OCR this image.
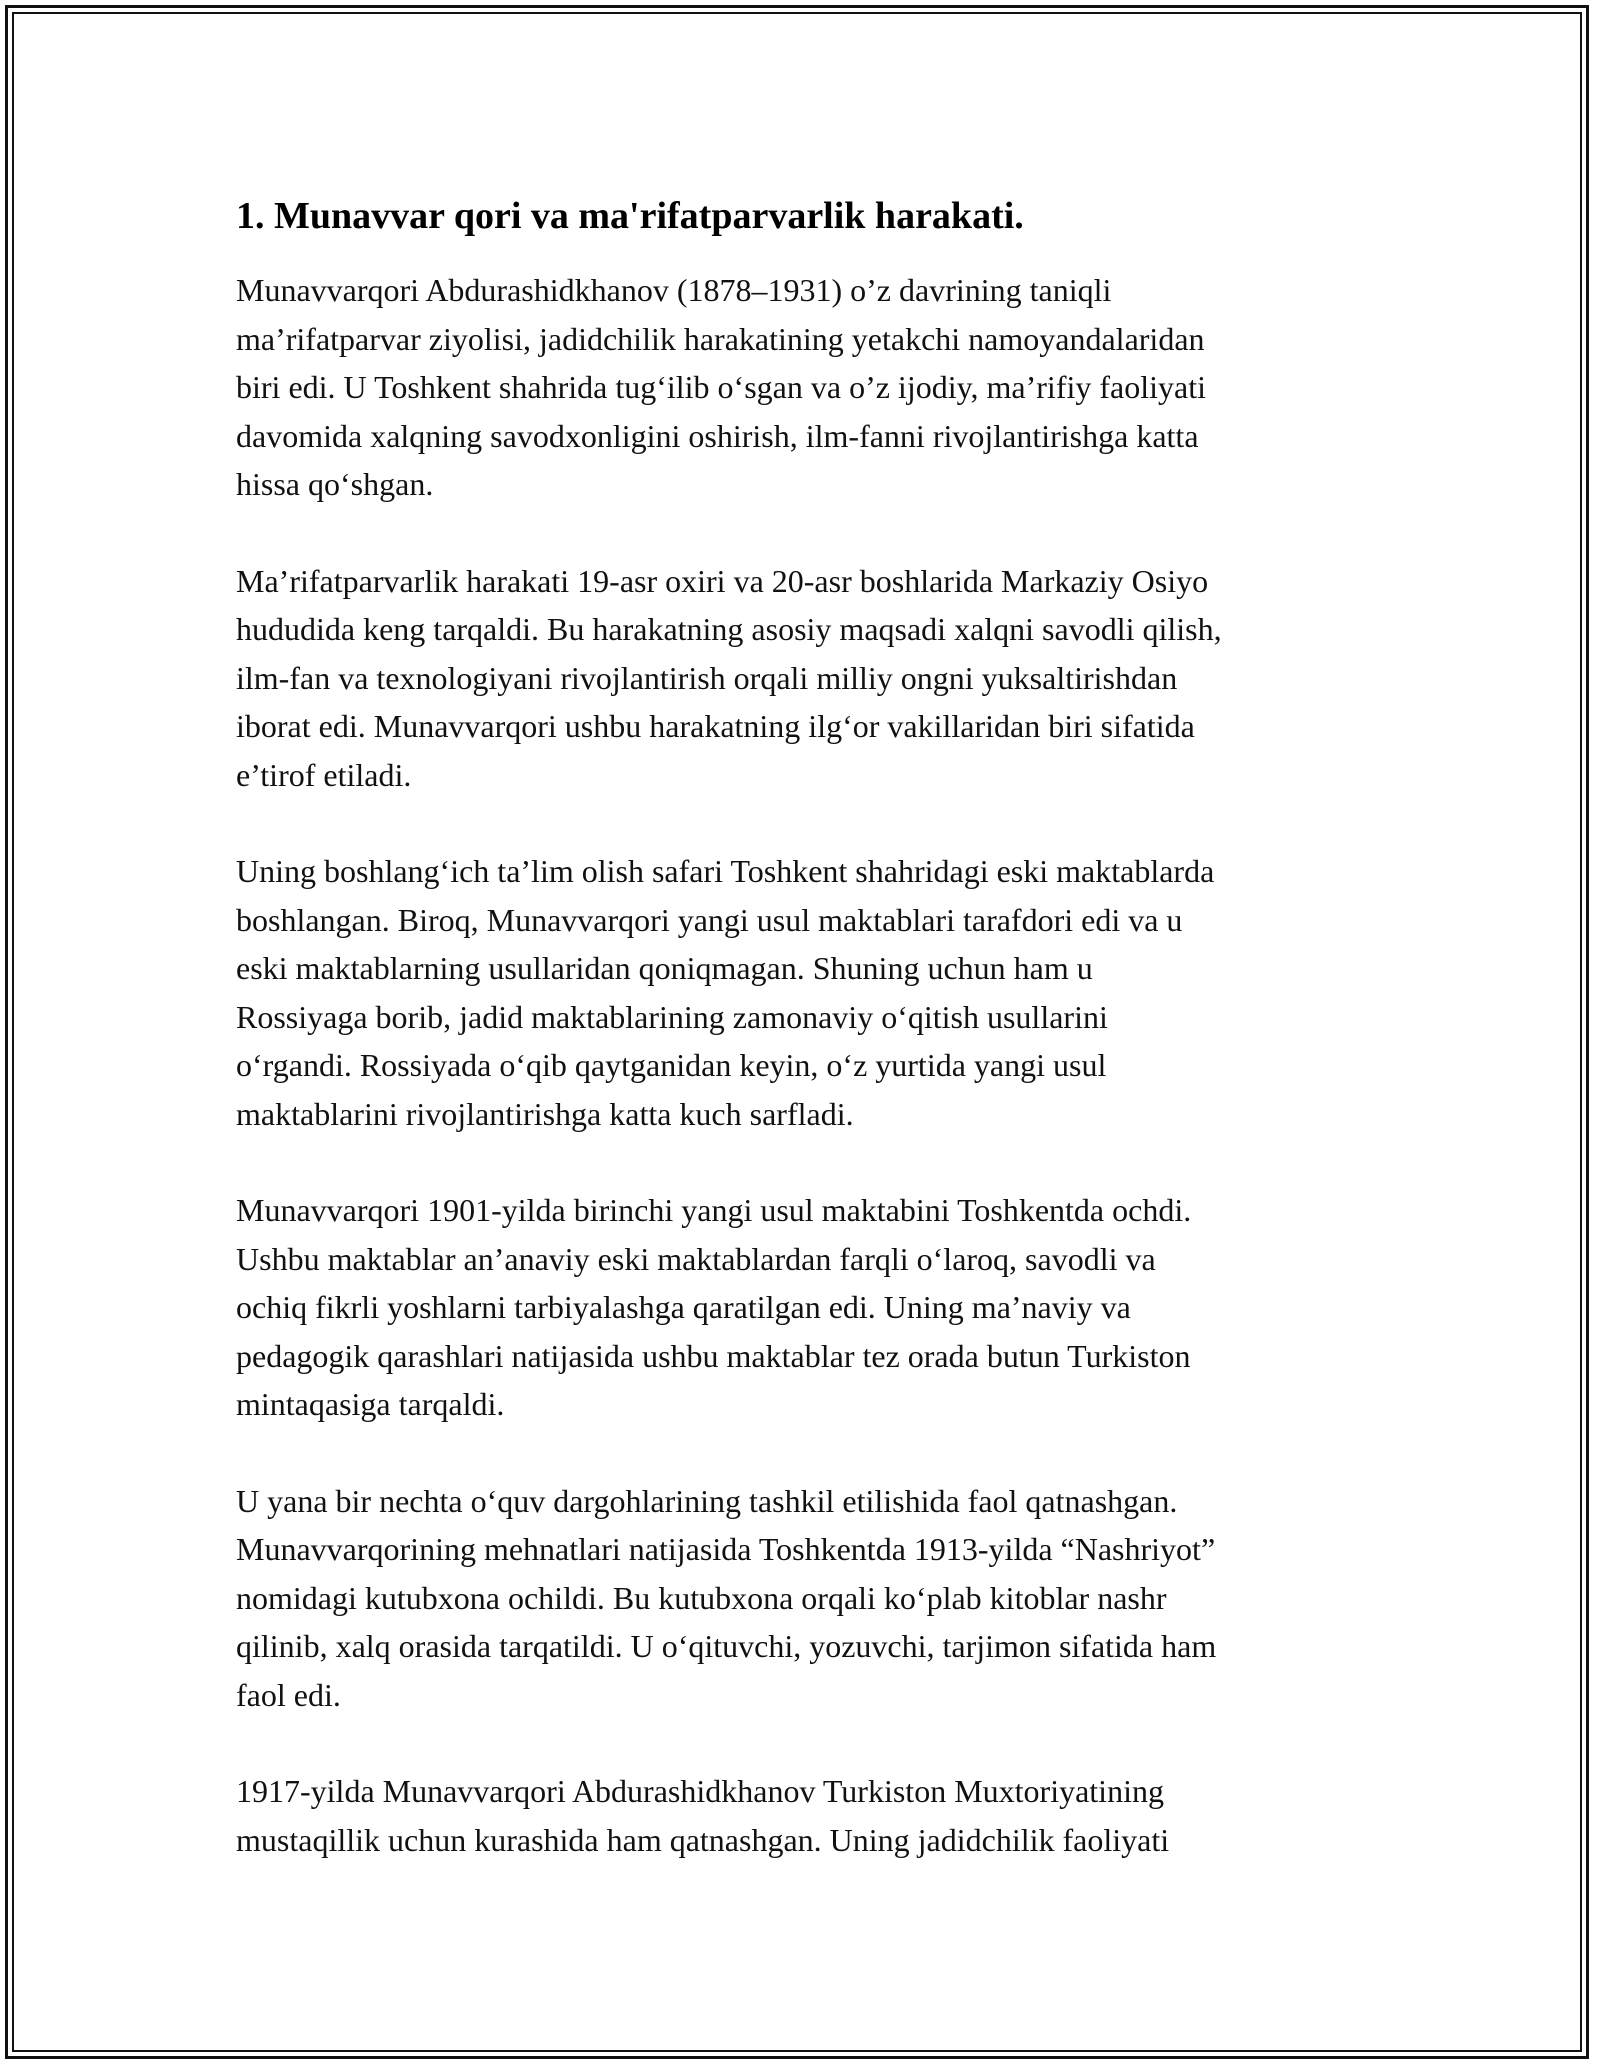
1. Munavvar qori va ma'rifatparvarlik harakati.

Munavvarqori Abdurashidkhanov (1878–1931) o’z davrining taniqli
ma’rifatparvar ziyolisi, jadidchilik harakatining yetakchi namoyandalaridan
biri edi. U Toshkent shahrida tug‘ilib o‘sgan va o’z ijodiy, ma’rifiy faoliyati
davomida xalqning savodxonligini oshirish, ilm-fanni rivojlantirishga katta
hissa qo‘shgan.

Ma’rifatparvarlik harakati 19-asr oxiri va 20-asr boshlarida Markaziy Osiyo
hududida keng tarqaldi. Bu harakatning asosiy maqsadi xalqni savodli qilish,
ilm-fan va texnologiyani rivojlantirish orqali milliy ongni yuksaltirishdan
iborat edi. Munavvarqori ushbu harakatning ilg‘or vakillaridan biri sifatida
e’tirof etiladi.

Uning boshlang‘ich ta’lim olish safari Toshkent shahridagi eski maktablarda
boshlangan. Biroq, Munavvarqori yangi usul maktablari tarafdori edi va u
eski maktablarning usullaridan qoniqmagan. Shuning uchun ham u
Rossiyaga borib, jadid maktablarining zamonaviy o‘qitish usullarini
o‘rgandi. Rossiyada o‘qib qaytganidan keyin, o‘z yurtida yangi usul
maktablarini rivojlantirishga katta kuch sarfladi.

Munavvarqori 1901-yilda birinchi yangi usul maktabini Toshkentda ochdi.
Ushbu maktablar an’anaviy eski maktablardan farqli o‘laroq, savodli va
ochiq fikrli yoshlarni tarbiyalashga qaratilgan edi. Uning ma’naviy va
pedagogik qarashlari natijasida ushbu maktablar tez orada butun Turkiston
mintaqasiga tarqaldi.

U yana bir nechta o‘quv dargohlarining tashkil etilishida faol qatnashgan.
Munavvarqorining mehnatlari natijasida Toshkentda 1913-yilda “Nashriyot”
nomidagi kutubxona ochildi. Bu kutubxona orqali ko‘plab kitoblar nashr
qilinib, xalq orasida tarqatildi. U o‘qituvchi, yozuvchi, tarjimon sifatida ham
faol edi.

1917-yilda Munavvarqori Abdurashidkhanov Turkiston Muxtoriyatining
mustaqillik uchun kurashida ham qatnashgan. Uning jadidchilik faoliyati
